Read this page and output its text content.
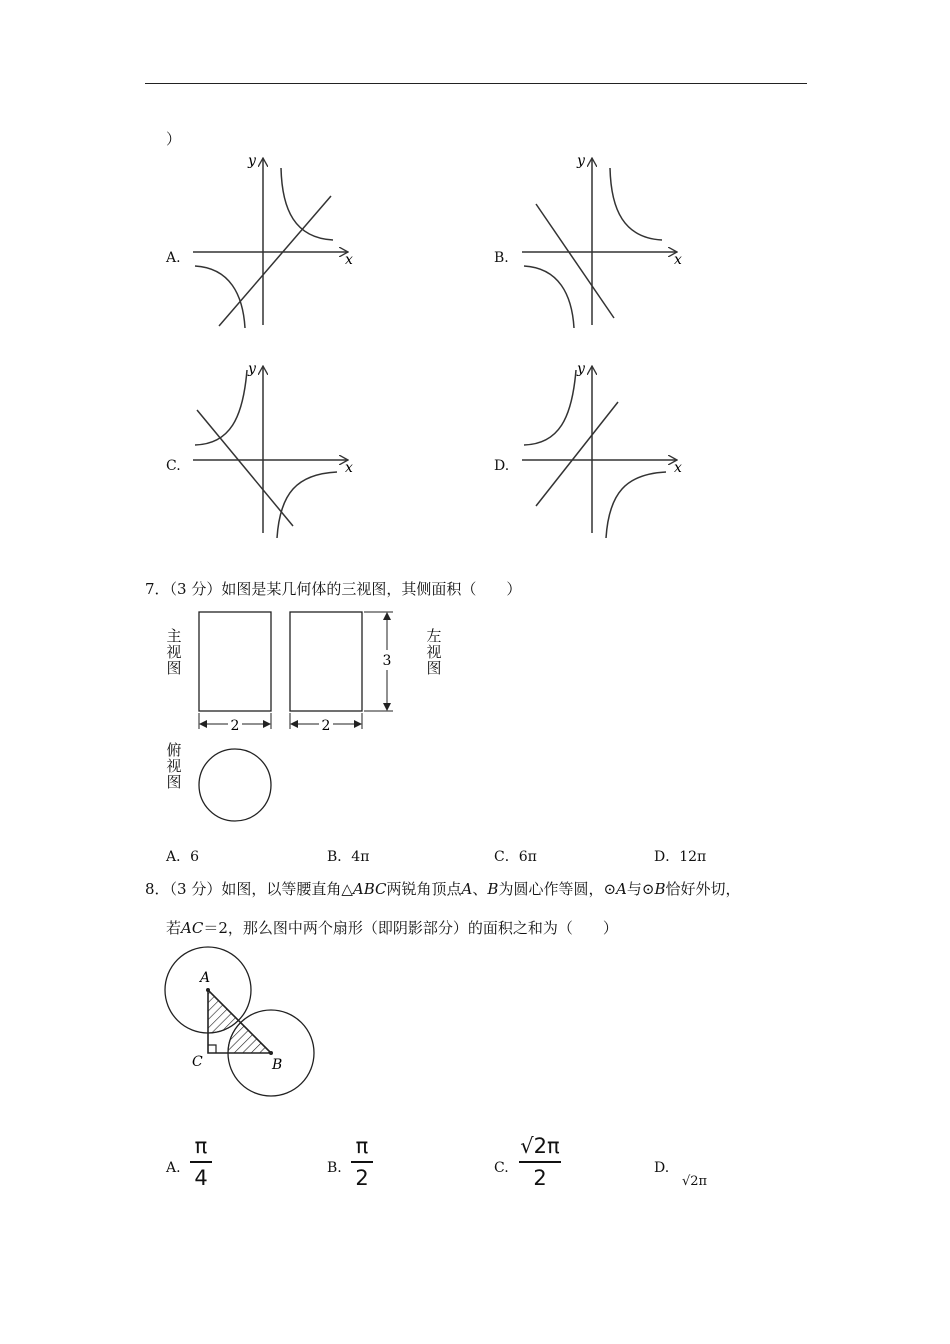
）
A.	x
y
B.	x
y
C.	x
y
D.	x
y
7．（3 分）如图是某几何体的三视图，其侧面积（　　）
主视图
左视图
俯视图
2	2
3
A．6	B．4π	C．6π	D．12π
8．（3 分）如图，以等腰直角△ABC两锐角顶点A、B为圆心作等圆，⊙A与⊙B恰好外切，
若AC＝2，那么图中两个扇形（即阴影部分）的面积之和为（　　）
A
C	B
A.
π
4	B.
π
2	C.
√2π
2	D.
√2π
